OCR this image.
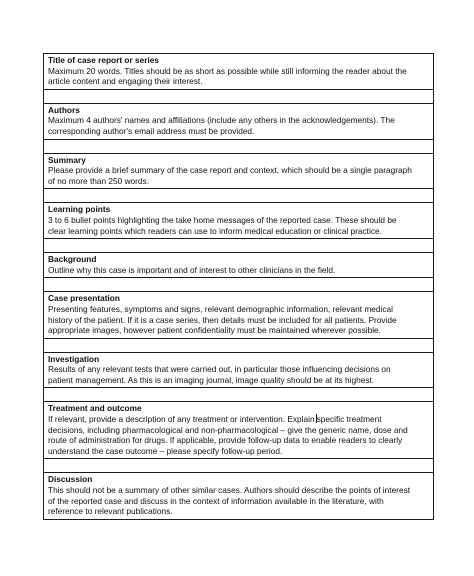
Title of case report or series
Maximum 20 words. Titles should be as short as possible while still informing the reader about the
article content and engaging their interest.

Authors
Maximum 4 authors' names and affiliations (include any others in the acknowledgements). The
corresponding author's email address must be provided.

Summary
Please provide a brief summary of the case report and context, which should be a single paragraph
of no more than 250 words.

Learning points
3 to 6 bullet points highlighting the take home messages of the reported case. These should be
clear learning points which readers can use to inform medical education or clinical practice.

Background
Outline why this case is important and of interest to other clinicians in the field.

Case presentation
Presenting features, symptoms and signs, relevant demographic information, relevant medical
history of the patient. If it is a case series, then details must be included for all patients. Provide
appropriate images, however patient confidentiality must be maintained wherever possible.

Investigation
Results of any relevant tests that were carried out, in particular those influencing decisions on
patient management. As this is an imaging journal, image quality should be at its highest.

Treatment and outcome
If relevant, provide a description of any treatment or intervention. Explain specific treatment
decisions, including pharmacological and non-pharmacological – give the generic name, dose and
route of administration for drugs. If applicable, provide follow-up data to enable readers to clearly
understand the case outcome – please specify follow-up period.

Discussion
This should not be a summary of other similar cases. Authors should describe the points of interest
of the reported case and discuss in the context of information available in the literature, with
reference to relevant publications.
